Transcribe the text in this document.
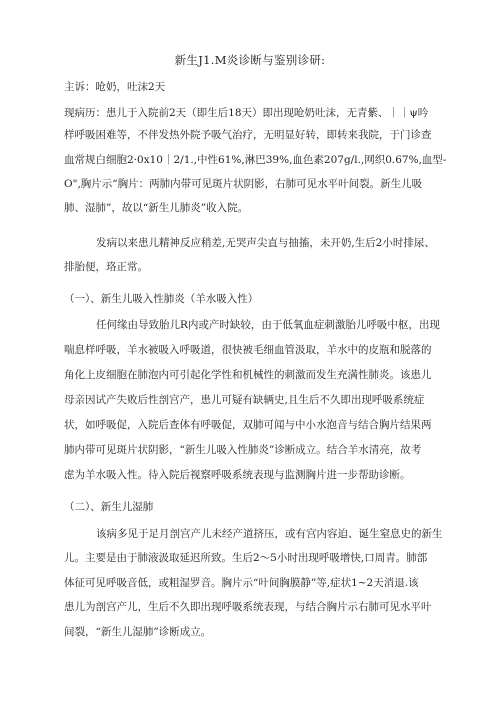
新生J1.M炎诊断与鉴别诊研:
主诉：呛奶，吐沫2天
现病历：患儿于入院前2天（即生后18天）即出现呛奶吐沫，无青紫、｜｜ψ吟
样呼吸困难等，不伴发热外院予吸气治疗，无明显好转，即转来我院，于门诊查
血常规白细胞2·0x10｜2/1.,中性61%,淋巴39%,血色素207g/l.,网织0.67%,血型-
O",胸片示“胸片：两肺内带可见斑片状阴影，右肺可见水平叶间裂。新生儿吸
肺、湿肺”，故以“新生儿肺炎”收入院。
发病以来患儿精神反应稍差,无哭声尖直与抽搐，未开奶,生后2小时排尿、
排胎便，珞正常。
（一）、新生儿吸入性肺炎（羊水吸入性）
任何缘由导致胎儿R内或产时缺较，由于低氧血症刺激胎儿呼吸中枢，出现
喘息样呼吸，羊水被吸入呼吸道，很快被毛细血管汲取，羊水中的皮瓶和脱落的
角化上皮细胞在肺泡内可引起化学性和机械性的刺激而发生充满性肺炎。该患儿
母亲因试产失败后性剖宫产，患儿可疑有缺辆史,且生后不久即出现呼吸系统症
状，如呼吸促，入院后查体有呼吸促，双肺可闻与中小水泡音与结合胸片结果两
肺内带可见斑片状阴影，“新生儿吸入性肺炎”诊断成立。结合羊水清亮，故考
虑为羊水吸入性。待入院后视察呼吸系统表现与监测胸片进一步帮助诊断。
（二）、新生儿湿肺
该病多见于足月剖宫产儿未经产道挤压，或有宫内容迫、诞生窒息史的新生
儿。主要是由于肺液汲取延迟所致。生后2〜5小时出现呼吸增快,口周青。肺部
体征可见呼吸音低，或粗湿罗音。胸片示“叶间胸膜静”等,症状1~2天消退.该
患儿为剖宫产儿，生后不久即出现呼吸系统表现，与结合胸片示右肺可见水平叶
间裂，“新生儿湿肺”诊断成立。
